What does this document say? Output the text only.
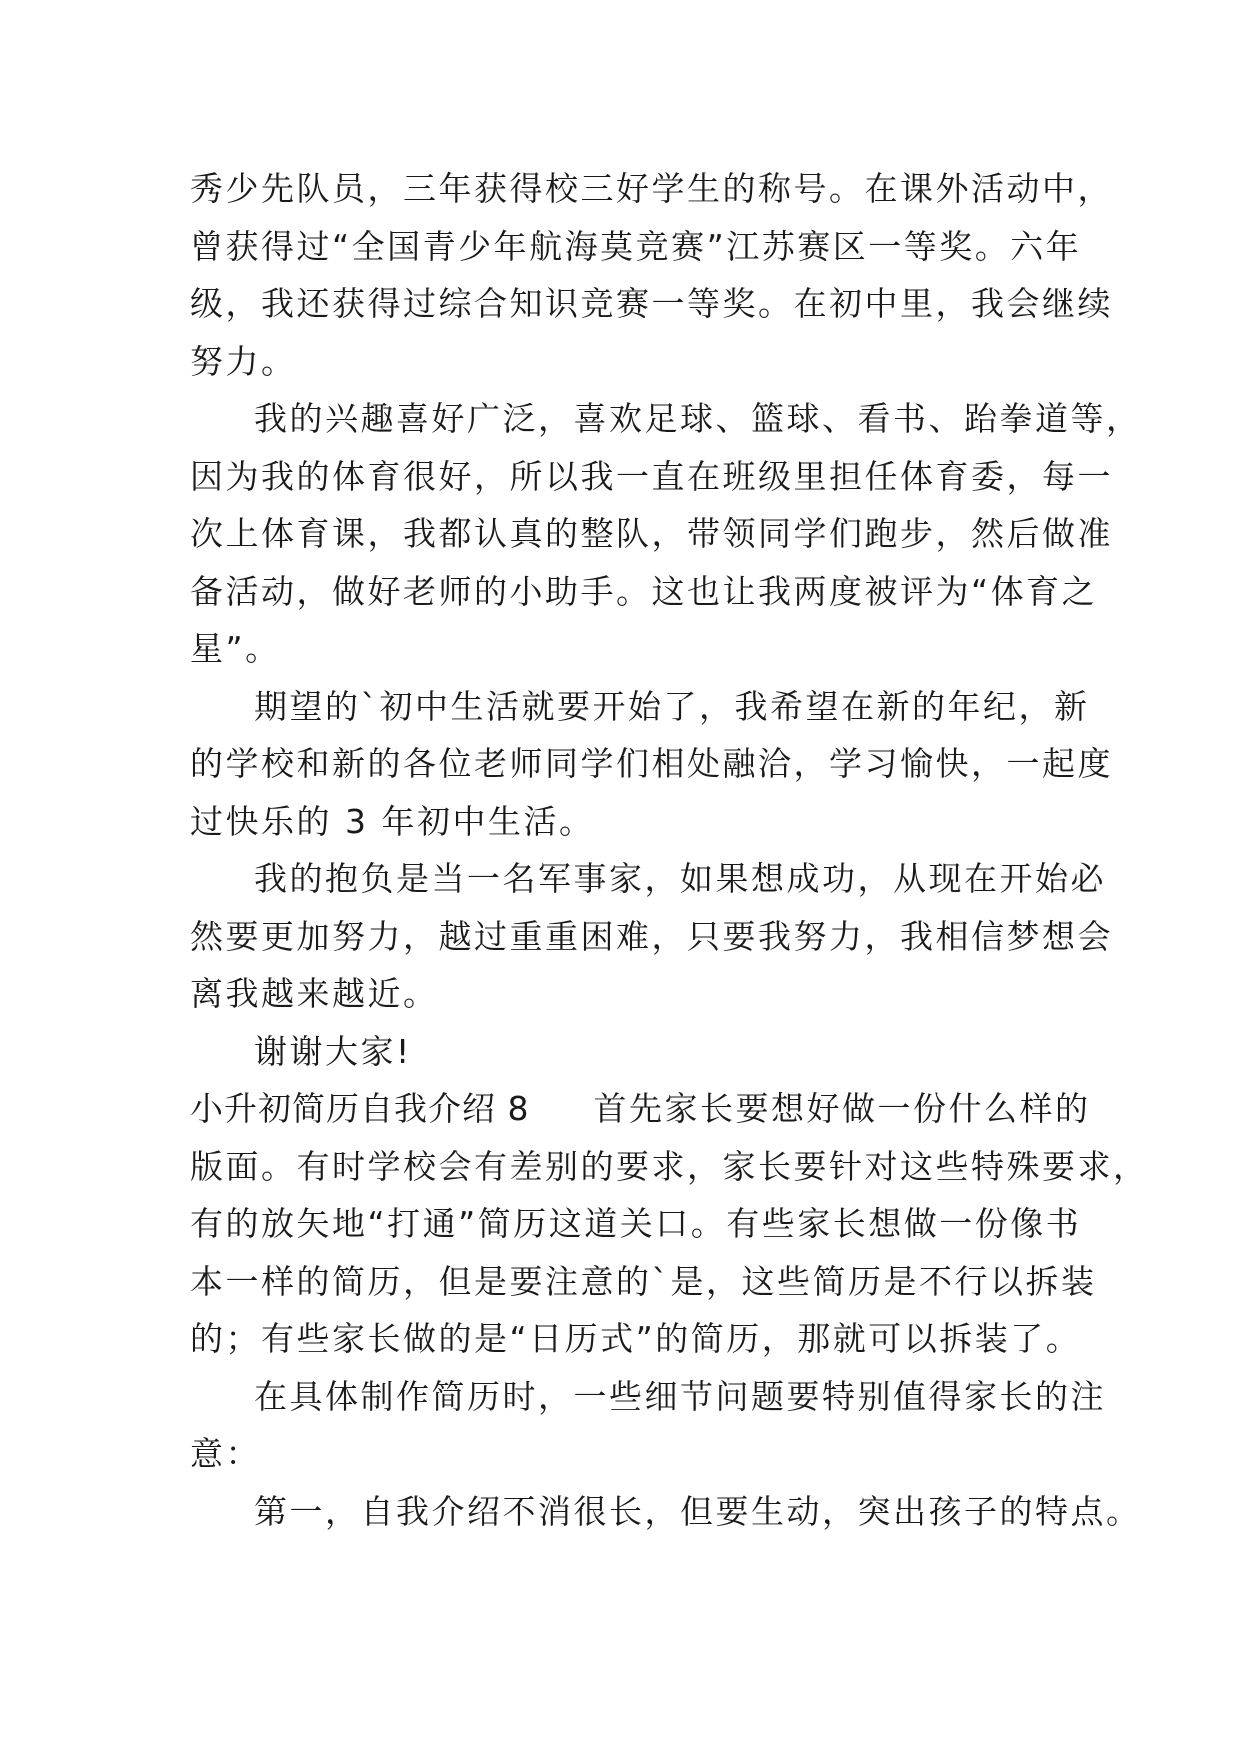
秀少先队员，三年获得校三好学生的称号。在课外活动中，
曾获得过“全国青少年航海莫竞赛”江苏赛区一等奖。六年
级，我还获得过综合知识竞赛一等奖。在初中里，我会继续
努力。
我的兴趣喜好广泛，喜欢足球、篮球、看书、跆拳道等，
因为我的体育很好，所以我一直在班级里担任体育委，每一
次上体育课，我都认真的整队，带领同学们跑步，然后做准
备活动，做好老师的小助手。这也让我两度被评为“体育之
星”。
期望的`初中生活就要开始了，我希望在新的年纪，新
的学校和新的各位老师同学们相处融洽，学习愉快，一起度
过快乐的 3 年初中生活。
我的抱负是当一名军事家，如果想成功，从现在开始必
然要更加努力，越过重重困难，只要我努力，我相信梦想会
离我越来越近。
谢谢大家!
小升初简历自我介绍 8	首先家长要想好做一份什么样的
版面。有时学校会有差别的要求，家长要针对这些特殊要求，
有的放矢地“打通”简历这道关口。有些家长想做一份像书
本一样的简历，但是要注意的`是，这些简历是不行以拆装
的；有些家长做的是“日历式”的简历，那就可以拆装了。
在具体制作简历时，一些细节问题要特别值得家长的注
意：
第一，自我介绍不消很长，但要生动，突出孩子的特点。
